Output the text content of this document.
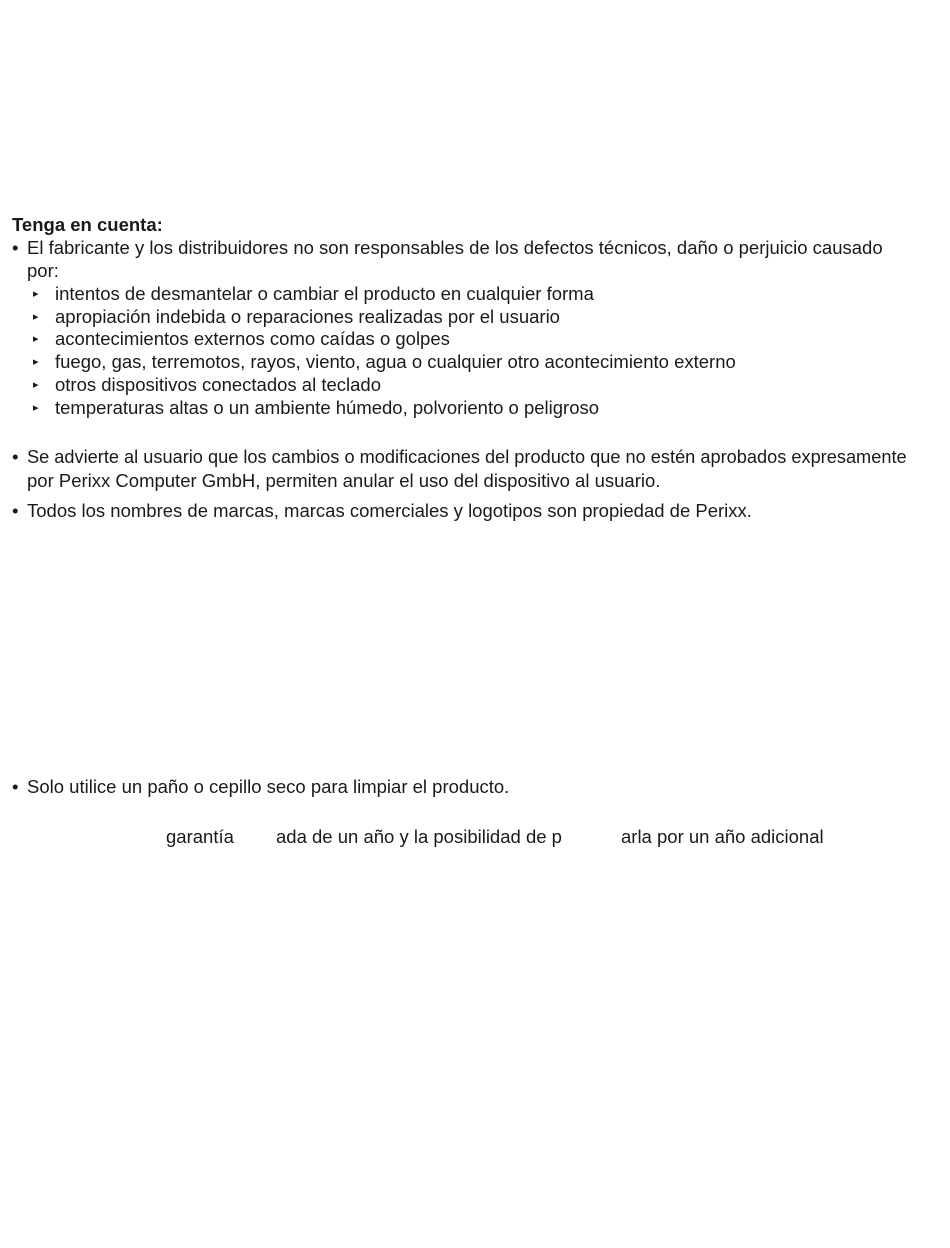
Tenga en cuenta:
• El fabricante y los distribuidores no son responsables de los defectos técnicos, daño o perjuicio causado
por:
▸ intentos de desmantelar o cambiar el producto en cualquier forma
▸ apropiación indebida o reparaciones realizadas por el usuario
▸ acontecimientos externos como caídas o golpes
▸ fuego, gas, terremotos, rayos, viento, agua o cualquier otro acontecimiento externo
▸ otros dispositivos conectados al teclado
▸ temperaturas altas o un ambiente húmedo, polvoriento o peligroso
• Se advierte al usuario que los cambios o modificaciones del producto que no estén aprobados expresamente
por Perixx Computer GmbH, permiten anular el uso del dispositivo al usuario.
• Todos los nombres de marcas, marcas comerciales y logotipos son propiedad de Perixx.
• Solo utilice un paño o cepillo seco para limpiar el producto.
garantía ada de un año y la posibilidad de p	arla por un año adicional
